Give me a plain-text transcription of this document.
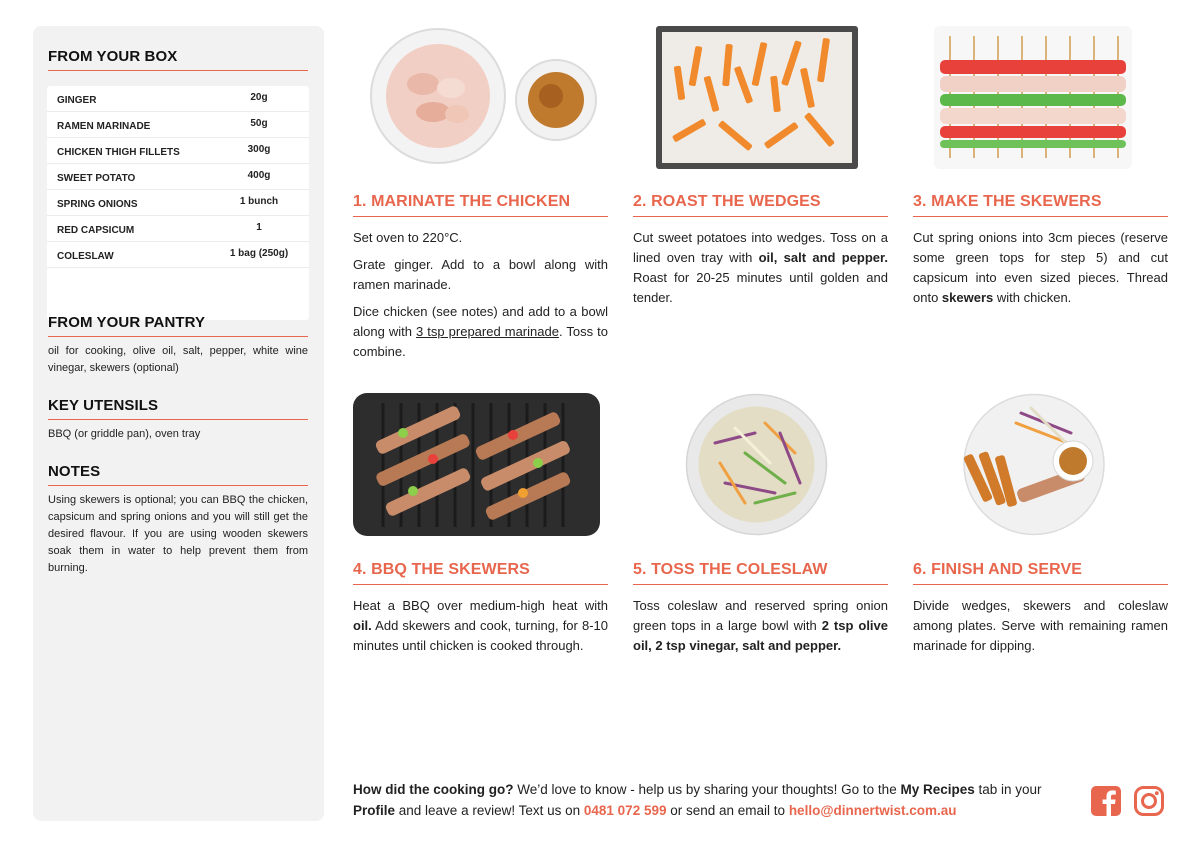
FROM YOUR BOX
GINGER	20g
RAMEN MARINADE	50g
CHICKEN THIGH FILLETS	300g
SWEET POTATO	400g
SPRING ONIONS	1 bunch
RED CAPSICUM	1
COLESLAW	1 bag (250g)
FROM YOUR PANTRY
oil for cooking, olive oil, salt, pepper, white wine vinegar, skewers (optional)
KEY UTENSILS
BBQ (or griddle pan), oven tray
NOTES
Using skewers is optional; you can BBQ the chicken, capsicum and spring onions and you will still get the desired flavour. If you are using wooden skewers soak them in water to help prevent them from burning.
1. MARINATE THE CHICKEN

Set oven to 220°C.

Grate ginger. Add to a bowl along with ramen marinade.

Dice chicken (see notes) and add to a bowl along with 3 tsp prepared marinade. Toss to combine.

2. ROAST THE WEDGES

Cut sweet potatoes into wedges. Toss on a lined oven tray with oil, salt and pepper. Roast for 20-25 minutes until golden and tender.

3. MAKE THE SKEWERS

Cut spring onions into 3cm pieces (reserve some green tops for step 5) and cut capsicum into even sized pieces. Thread onto skewers with chicken.

4. BBQ THE SKEWERS

Heat a BBQ over medium-high heat with oil. Add skewers and cook, turning, for 8-10 minutes until chicken is cooked through.

5. TOSS THE COLESLAW

Toss coleslaw and reserved spring onion green tops in a large bowl with 2 tsp olive oil, 2 tsp vinegar, salt and pepper.

6. FINISH AND SERVE

Divide wedges, skewers and coleslaw among plates. Serve with remaining ramen marinade for dipping.

How did the cooking go? We’d love to know - help us by sharing your thoughts! Go to the My Recipes tab in your Profile and leave a review! Text us on 0481 072 599 or send an email to hello@dinnertwist.com.au
